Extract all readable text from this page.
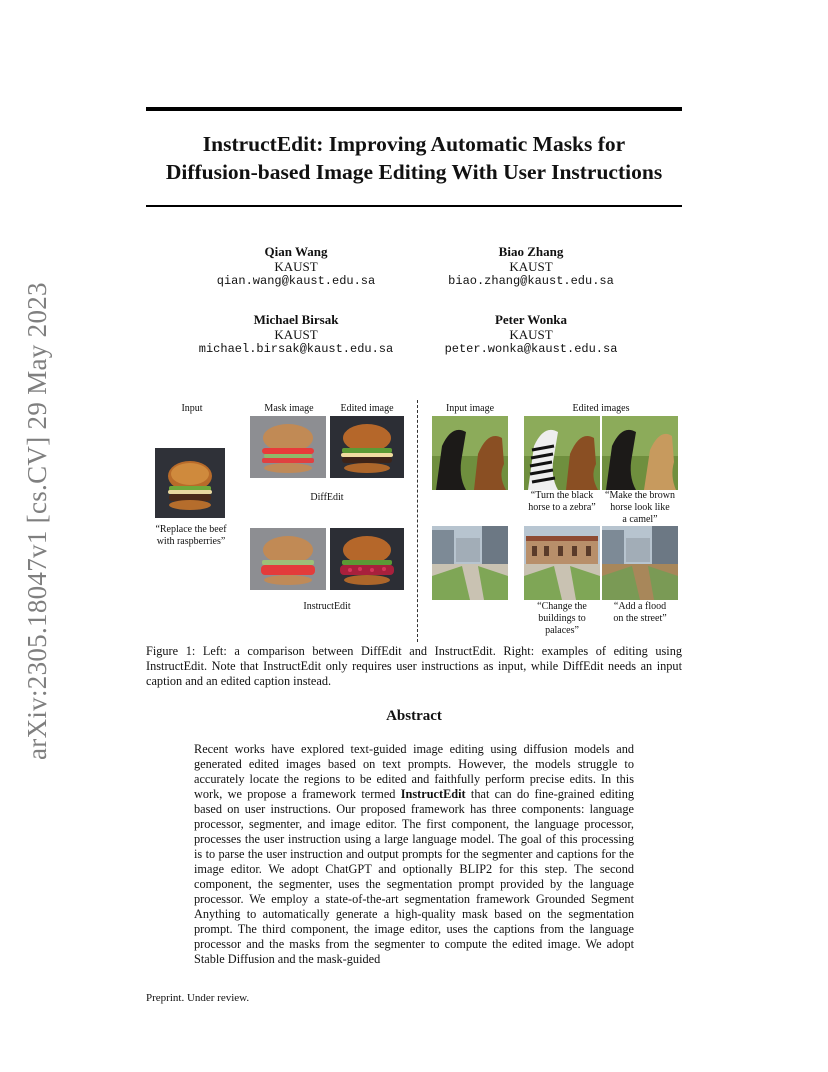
arXiv:2305.18047v1 [cs.CV] 29 May 2023
InstructEdit: Improving Automatic Masks for
Diffusion-based Image Editing With User Instructions
Qian Wang
KAUST
qian.wang@kaust.edu.sa
Biao Zhang
KAUST
biao.zhang@kaust.edu.sa
Michael Birsak
KAUST
michael.birsak@kaust.edu.sa
Peter Wonka
KAUST
peter.wonka@kaust.edu.sa
Input	Mask image	Edited image
“Replace the beef
with raspberries”
DiffEdit
InstructEdit
Input image	Edited images
“Turn the black
horse to a zebra”
“Make the brown
horse look like
a camel”
“Change the
buildings to
palaces”
“Add a flood
on the street”
Figure 1: Left: a comparison between DiffEdit and InstructEdit. Right: examples of editing using InstructEdit. Note that InstructEdit only requires user instructions as input, while DiffEdit needs an input caption and an edited caption instead.
Abstract
Recent works have explored text-guided image editing using diffusion models and generated edited images based on text prompts. However, the models struggle to accurately locate the regions to be edited and faithfully perform precise edits. In this work, we propose a framework termed InstructEdit that can do fine-grained editing based on user instructions. Our proposed framework has three components: language processor, segmenter, and image editor. The first component, the language processor, processes the user instruction using a large language model. The goal of this processing is to parse the user instruction and output prompts for the segmenter and captions for the image editor. We adopt ChatGPT and optionally BLIP2 for this step. The second component, the segmenter, uses the segmentation prompt provided by the language processor. We employ a state-of-the-art segmentation framework Grounded Segment Anything to automatically generate a high-quality mask based on the segmentation prompt. The third component, the image editor, uses the captions from the language processor and the masks from the segmenter to compute the edited image. We adopt Stable Diffusion and the mask-guided
Preprint. Under review.
